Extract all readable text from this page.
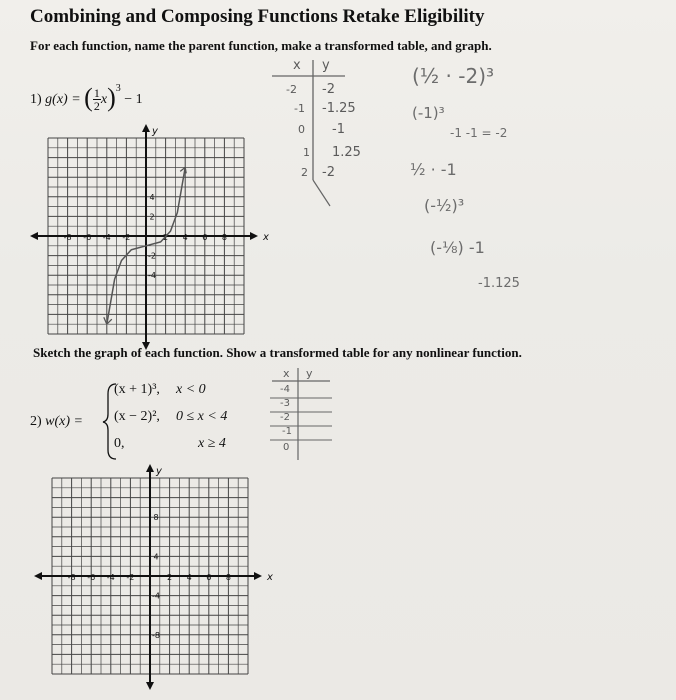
Combining and Composing Functions Retake Eligibility
For each function, name the parent function, make a transformed table, and graph.
1) g(x) = ( $\frac{1}{2} x)^3 - 1$
x
y
-8 -6 -4 -2	2 4 6 8
4
2
-2
-4
x y
-2 -2
-1 -1.25
0 -1
1 1.25
2 -2
(½ · -2)³
(-1)³
-1 -1 = -2
½ · -1
(-½)³
(-⅛) -1
-1.125
Sketch the graph of each function. Show a transformed table for any nonlinear function.
2) w(x) =
(x + 1)³, x < 0
(x − 2)², 0 ≤ x < 4
0,	x ≥ 4
x y
-4
-3
-2
-1
0
x
y
-8 -6 -4 -2	2 4 6 8
8
4
-4
-8
